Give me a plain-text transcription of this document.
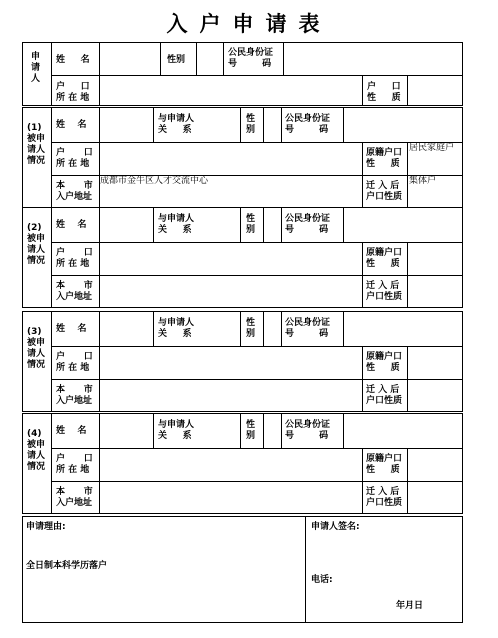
入户申请表
申
请
人
姓     名	性别
公民身份证
号        码
户     口
所 在 地
户     口
性     质
(1)
被申
请人
情况
姓    名
与申请人
关     系
性
别
公民身份证
号        码
户      口
所 在 地
原籍户口
性     质
居民家庭户
本      市
入户地址
成都市金牛区人才交流中心	迁 入 后
户口性质
集体户
(2)
被申
请人
情况
姓    名
与申请人
关     系
性
别
公民身份证
号        码
户      口
所 在 地
原籍户口
性     质
本      市
入户地址
迁 入 后
户口性质
(3)
被申
请人
情况
姓    名
与申请人
关     系
性
别
公民身份证
号        码
户      口
所 在 地
原籍户口
性     质
本      市
入户地址
迁 入 后
户口性质
(4)
被申
请人
情况
姓    名
与申请人
关     系
性
别
公民身份证
号        码
户      口
所 在 地
原籍户口
性     质
本      市
入户地址
迁 入 后
户口性质
申请理由:
全日制本科学历落户
申请人签名:
电话:
年月日
